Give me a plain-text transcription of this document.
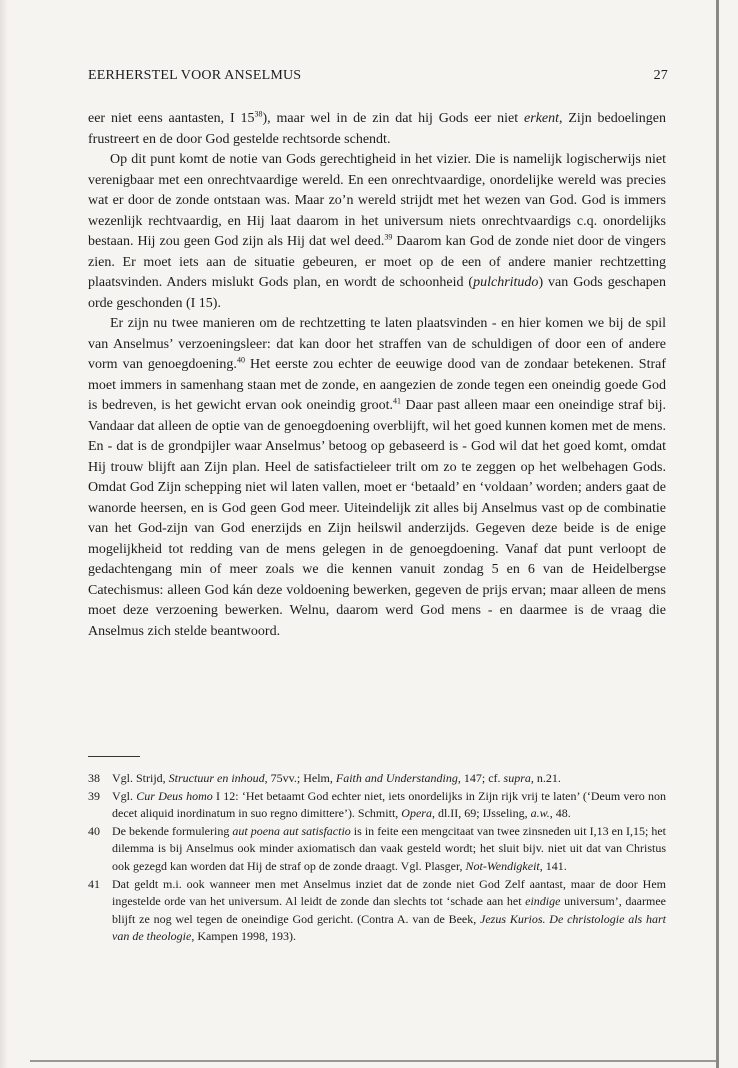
EERHERSTEL VOOR ANSELMUS	27

eer niet eens aantasten, I $15^{38}$), maar wel in de zin dat hij Gods eer niet erkent, Zijn bedoelingen frustreert en de door God gestelde rechtsorde schendt.

Op dit punt komt de notie van Gods gerechtigheid in het vizier. Die is namelijk logischerwijs niet verenigbaar met een onrechtvaardige wereld. En een onrechtvaardige, onordelijke wereld was precies wat er door de zonde ontstaan was. Maar zo’n wereld strijdt met het wezen van God. God is immers wezenlijk rechtvaardig, en Hij laat daarom in het universum niets onrechtvaardigs c.q. onordelijks bestaan. Hij zou geen God zijn als Hij dat wel deed.$^{39}$ Daarom kan God de zonde niet door de vingers zien. Er moet iets aan de situatie gebeuren, er moet op de een of andere manier rechtzetting plaatsvinden. Anders mislukt Gods plan, en wordt de schoonheid (pulchritudo) van Gods geschapen orde geschonden (I 15).

Er zijn nu twee manieren om de rechtzetting te laten plaatsvinden - en hier komen we bij de spil van Anselmus’ verzoeningsleer: dat kan door het straffen van de schuldigen of door een of andere vorm van genoegdoening.$^{40}$ Het eerste zou echter de eeuwige dood van de zondaar betekenen. Straf moet immers in samenhang staan met de zonde, en aangezien de zonde tegen een oneindig goede God is bedreven, is het gewicht ervan ook oneindig groot.$^{41}$ Daar past alleen maar een oneindige straf bij. Vandaar dat alleen de optie van de genoegdoening overblijft, wil het goed kunnen komen met de mens. En - dat is de grondpijler waar Anselmus’ betoog op gebaseerd is - God wil dat het goed komt, omdat Hij trouw blijft aan Zijn plan. Heel de satisfactieleer trilt om zo te zeggen op het welbehagen Gods. Omdat God Zijn schepping niet wil laten vallen, moet er ‘betaald’ en ‘voldaan’ worden; anders gaat de wanorde heersen, en is God geen God meer. Uiteindelijk zit alles bij Anselmus vast op de combinatie van het God-zijn van God enerzijds en Zijn heilswil anderzijds. Gegeven deze beide is de enige mogelijkheid tot redding van de mens gelegen in de genoegdoening. Vanaf dat punt verloopt de gedachtengang min of meer zoals we die kennen vanuit zondag 5 en 6 van de Heidelbergse Catechismus: alleen God kán deze voldoening bewerken, gegeven de prijs ervan; maar alleen de mens moet deze verzoening bewerken. Welnu, daarom werd God mens - en daarmee is de vraag die Anselmus zich stelde beantwoord.

38	Vgl. Strijd, Structuur en inhoud, 75vv.; Helm, Faith and Understanding, 147; cf. supra, n.21.
39	Vgl. Cur Deus homo I 12: ‘Het betaamt God echter niet, iets onordelijks in Zijn rijk vrij te laten’ (‘Deum vero non decet aliquid inordinatum in suo regno dimittere’). Schmitt, Opera, dl.II, 69; IJsseling, a.w., 48.
40	De bekende formulering aut poena aut satisfactio is in feite een mengcitaat van twee zinsneden uit I,13 en I,15; het dilemma is bij Anselmus ook minder axiomatisch dan vaak gesteld wordt; het sluit bijv. niet uit dat van Christus ook gezegd kan worden dat Hij de straf op de zonde draagt. Vgl. Plasger, Not-Wendigkeit, 141.
41	Dat geldt m.i. ook wanneer men met Anselmus inziet dat de zonde niet God Zelf aantast, maar de door Hem ingestelde orde van het universum. Al leidt de zonde dan slechts tot ‘schade aan het eindige universum’, daarmee blijft ze nog wel tegen de oneindige God gericht. (Contra A. van de Beek, Jezus Kurios. De christologie als hart van de theologie, Kampen 1998, 193).
